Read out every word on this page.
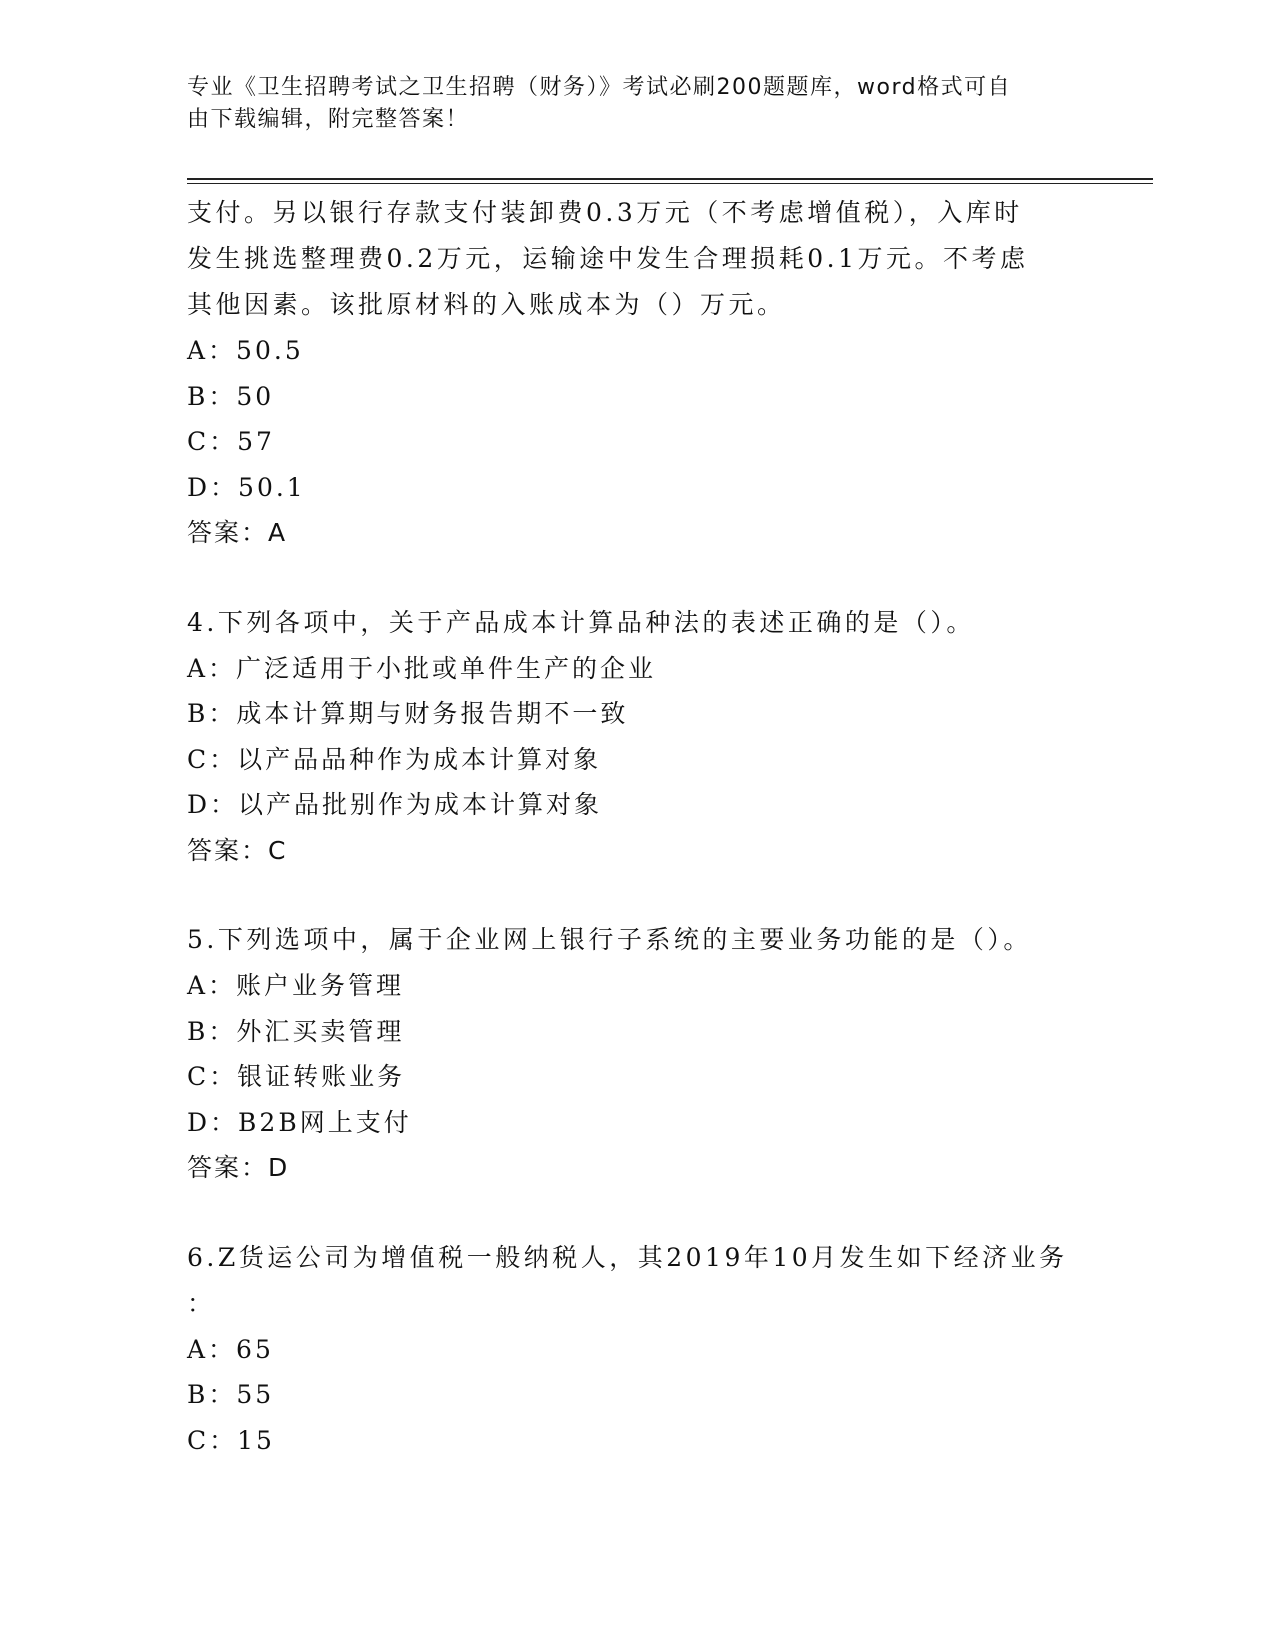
专业《卫生招聘考试之卫生招聘（财务）》考试必刷200题题库，word格式可自
由下载编辑，附完整答案！
支付。另以银行存款支付装卸费0.3万元（不考虑增值税），入库时
发生挑选整理费0.2万元，运输途中发生合理损耗0.1万元。不考虑
其他因素。该批原材料的入账成本为（）万元。
A：50.5
B：50
C：57
D：50.1
答案：A
4.下列各项中，关于产品成本计算品种法的表述正确的是（）。
A：广泛适用于小批或单件生产的企业
B：成本计算期与财务报告期不一致
C：以产品品种作为成本计算对象
D：以产品批别作为成本计算对象
答案：C
5.下列选项中，属于企业网上银行子系统的主要业务功能的是（）。
A：账户业务管理
B：外汇买卖管理
C：银证转账业务
D：B2B网上支付
答案：D
6.Z货运公司为增值税一般纳税人，其2019年10月发生如下经济业务
：
A：65
B：55
C：15
